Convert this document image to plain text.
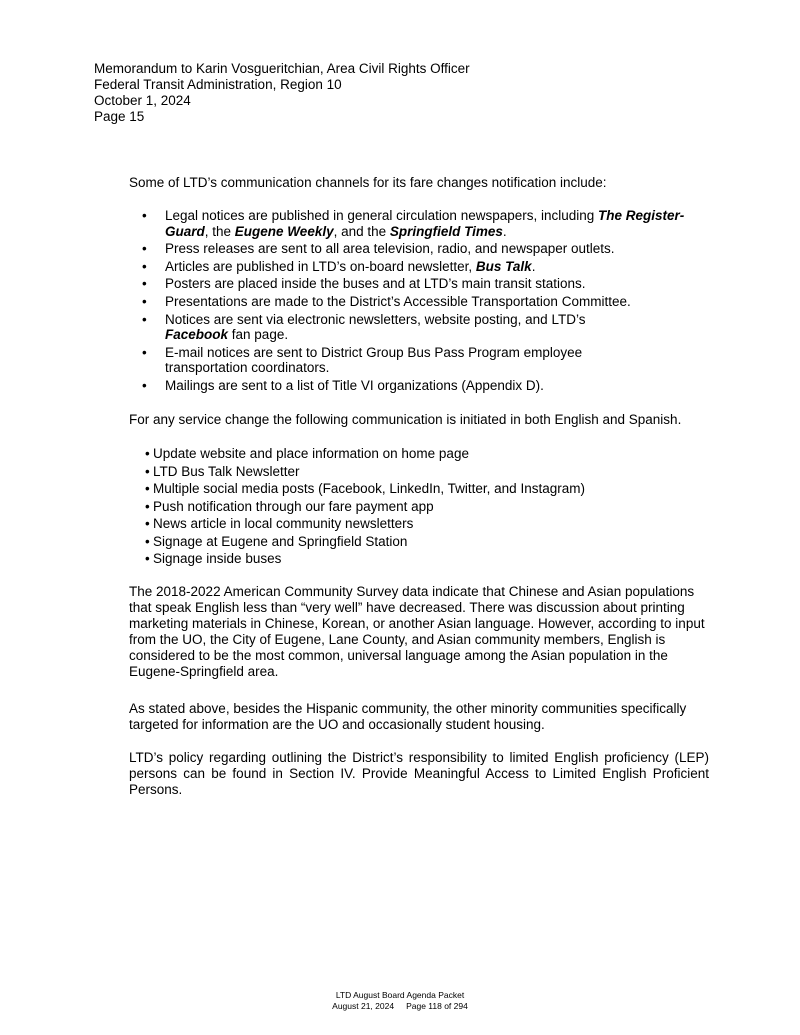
Memorandum to Karin Vosgueritchian, Area Civil Rights Officer
Federal Transit Administration, Region 10
October 1, 2024
Page 15
Some of LTD’s communication channels for its fare changes notification include:
• Legal notices are published in general circulation newspapers, including The Register-Guard, the Eugene Weekly, and the Springfield Times.
• Press releases are sent to all area television, radio, and newspaper outlets.
• Articles are published in LTD’s on-board newsletter, Bus Talk.
• Posters are placed inside the buses and at LTD’s main transit stations.
• Presentations are made to the District’s Accessible Transportation Committee.
• Notices are sent via electronic newsletters, website posting, and LTD’s
Facebook fan page.
• E-mail notices are sent to District Group Bus Pass Program employee
transportation coordinators.
• Mailings are sent to a list of Title VI organizations (Appendix D).
For any service change the following communication is initiated in both English and Spanish.
• Update website and place information on home page
• LTD Bus Talk Newsletter
• Multiple social media posts (Facebook, LinkedIn, Twitter, and Instagram)
• Push notification through our fare payment app
• News article in local community newsletters
• Signage at Eugene and Springfield Station
• Signage inside buses
The 2018-2022 American Community Survey data indicate that Chinese and Asian populations that speak English less than “very well” have decreased. There was discussion about printing marketing materials in Chinese, Korean, or another Asian language. However, according to input from the UO, the City of Eugene, Lane County, and Asian community members, English is considered to be the most common, universal language among the Asian population in the Eugene-Springfield area.
As stated above, besides the Hispanic community, the other minority communities specifically targeted for information are the UO and occasionally student housing.
LTD’s policy regarding outlining the District’s responsibility to limited English proficiency (LEP) persons can be found in Section IV. Provide Meaningful Access to Limited English Proficient Persons.
LTD August Board Agenda Packet
August 21, 2024 Page 118 of 294
